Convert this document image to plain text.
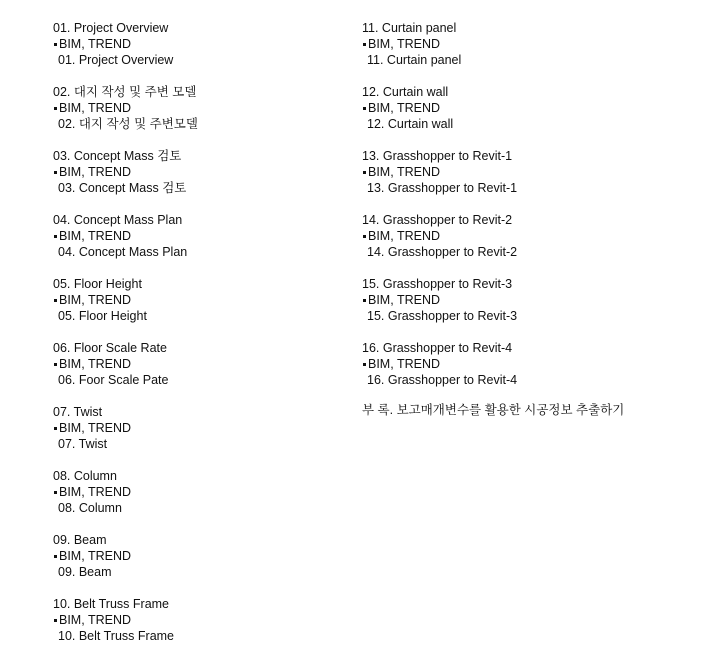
01. Project Overview
BIM, TREND
01. Project Overview
02. 대지 작성 및 주변 모델
BIM, TREND
02. 대지 작성 및 주변모델
03. Concept Mass 검토
BIM, TREND
03. Concept Mass 검토
04. Concept Mass Plan
BIM, TREND
04. Concept Mass Plan
05. Floor Height
BIM, TREND
05. Floor Height
06. Floor Scale Rate
BIM, TREND
06. Foor Scale Pate
07. Twist
BIM, TREND
07. Twist
08. Column
BIM, TREND
08. Column
09. Beam
BIM, TREND
09. Beam
10. Belt Truss Frame
BIM, TREND
10. Belt Truss Frame
11. Curtain panel
BIM, TREND
11. Curtain panel
12. Curtain wall
BIM, TREND
12. Curtain wall
13. Grasshopper to Revit-1
BIM, TREND
13. Grasshopper to Revit-1
14. Grasshopper to Revit-2
BIM, TREND
14. Grasshopper to Revit-2
15. Grasshopper to Revit-3
BIM, TREND
15. Grasshopper to Revit-3
16. Grasshopper to Revit-4
BIM, TREND
16. Grasshopper to Revit-4
부 록. 보고매개변수를 활용한 시공정보 추출하기
